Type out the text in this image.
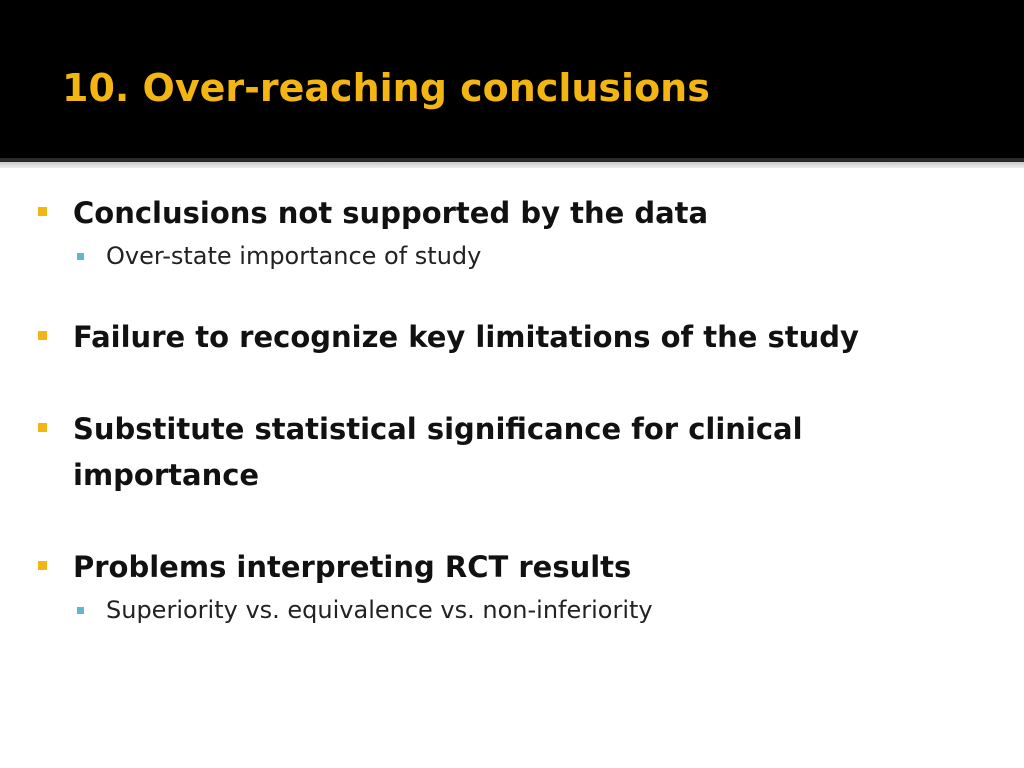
10. Over-reaching conclusions
Conclusions not supported by the data
Over-state importance of study
Failure to recognize key limitations of the study
Substitute statistical significance for clinical importance
Problems interpreting RCT results
Superiority vs. equivalence vs. non-inferiority
